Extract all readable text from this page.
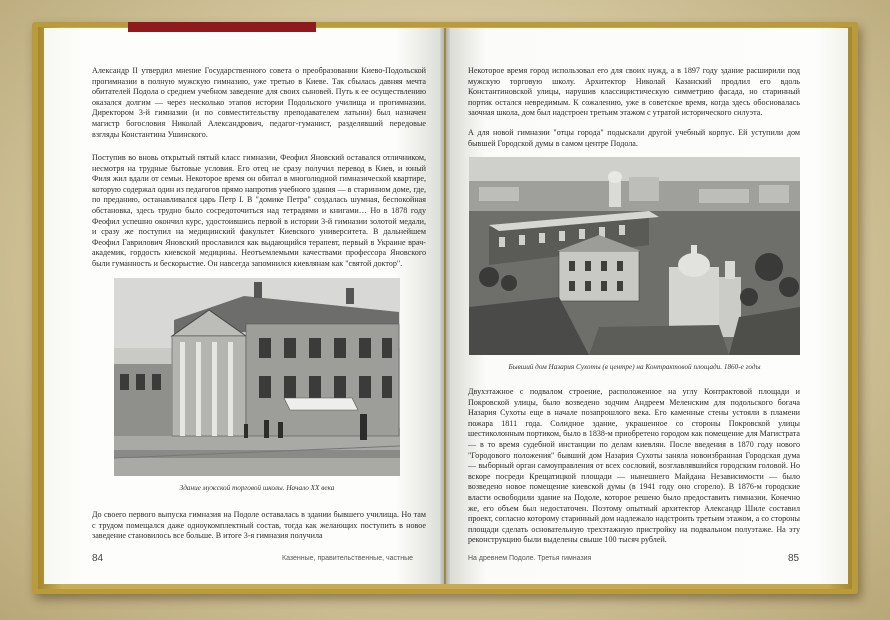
Александр II утвердил мнение Государственного совета о преобразовании Киево-Подольской прогимназии в полную мужскую гимназию, уже третью в Киеве. Так сбылась давняя мечта обитателей Подола о среднем учебном заведение для своих сыновей. Путь к ее осуществлению оказался долгим — через несколько этапов истории Подольского училища и прогимназии. Директором 3-й гимназии (и по совместительству преподавателем латыни) был назначен магистр богословия Николай Александрович, педагог-гуманист, разделявший передовые взгляды Константина Ушинского.

Поступив во вновь открытый пятый класс гимназии, Феофил Яновский оставался отличником, несмотря на трудные бытовые условия. Его отец не сразу получил перевод в Киев, и юный Филя жил вдали от семьи. Некоторое время он обитал в многолюдной гимназической квартире, которую содержал один из педагогов прямо напротив учебного здания — в старинном доме, где, по преданию, останавливался царь Петр I. В "домике Петра" создалась шумная, беспокойная обстановка, здесь трудно было сосредоточиться над тетрадями и книгами… Но в 1878 году Феофил успешно окончил курс, удостоившись первой в истории 3-й гимназии золотой медали, и сразу же поступил на медицинский факультет Киевского университета. В дальнейшем Феофил Гаврилович Яновский прославился как выдающийся терапевт, первый в Украине врач-академик, гордость киевской медицины. Неотъемлемыми качествами профессора Яновского были гуманность и бескорыстие. Он навсегда запомнился киевлянам как "святой доктор".

Здание мужской торговой школы. Начало ХХ века

До своего первого выпуска гимназия на Подоле оставалась в здании бывшего училища. Но там с трудом помещался даже одноукомплектный состав, тогда как желающих поступить в новое заведение становилось все больше. В итоге 3-я гимназия получила

84	Казенные, правительственные, частные

Некоторое время город использовал его для своих нужд, а в 1897 году здание расширили под мужскую торговую школу. Архитектор Николай Казанский продлил его вдоль Константиновской улицы, нарушив классицистическую симметрию фасада, но старинный портик остался невредимым. К сожалению, уже в советское время, когда здесь обосновалась заочная школа, дом был надстроен третьим этажом с утратой исторического силуэта.

А для новой гимназии "отцы города" подыскали другой учебный корпус. Ей уступили дом бывшей Городской думы в самом центре Подола.

Бывший дом Назария Сухоты (в центре) на Контрактовой площади. 1860-е годы

Двухэтажное с подвалом строение, расположенное на углу Контрактовой площади и Покровской улицы, было возведено зодчим Андреем Меленским для подольского богача Назария Сухоты еще в начале позапрошлого века. Его каменные стены устояли в пламени пожара 1811 года. Солидное здание, украшенное со стороны Покровской улицы шестиколонным портиком, было в 1838-м приобретено городом как помещение для Магистрата — в то время судебной инстанции по делам киевлян. После введения в 1870 году нового "Городового положения" бывший дом Назария Сухоты заняла новоизбранная Городская дума — выборный орган самоуправления от всех сословий, возглавлявшийся городским головой. Но вскоре посреди Крещатицкой площади — нынешнего Майдана Независимости — было возведено новое помещение киевской думы (в 1941 году оно сгорело). В 1876-м городские власти освободили здание на Подоле, которое решено было предоставить гимназии. Конечно же, его объем был недостаточен. Поэтому опытный архитектор Александр Шиле составил проект, согласно которому старинный дом надлежало надстроить третьим этажом, а со стороны площади сделать основательную трехэтажную пристройку на подвальном полуэтаже. На эту реконструкцию были выделены свыше 100 тысяч рублей.

На древнем Подоле. Третья гимназия	85
